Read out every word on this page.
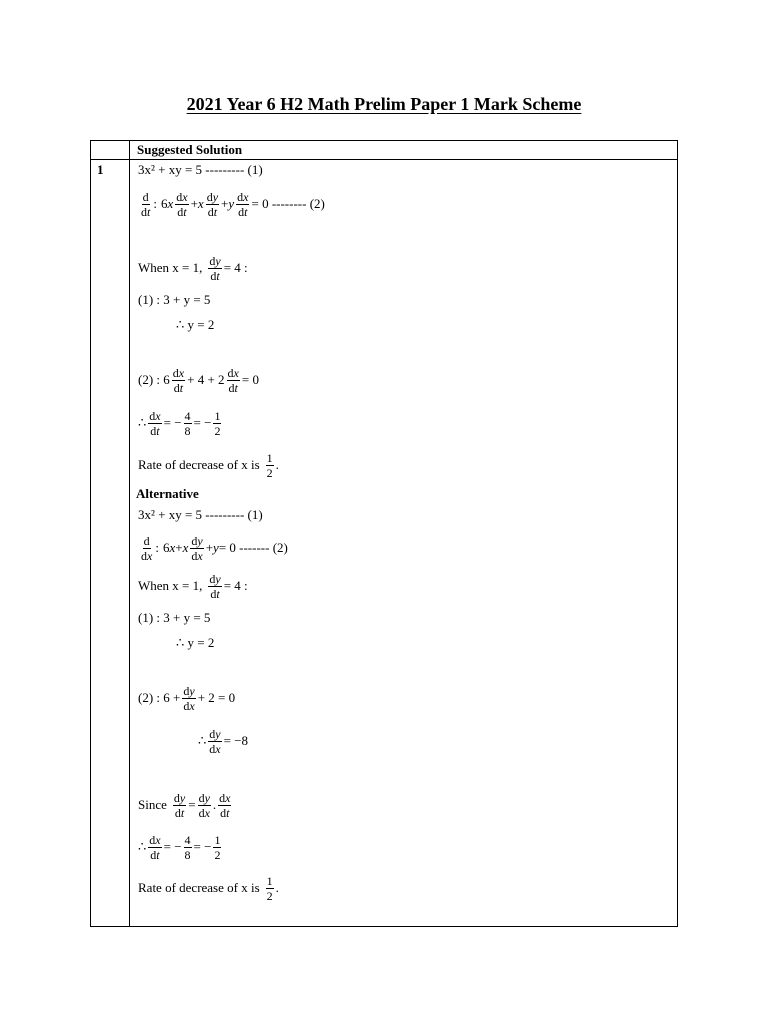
2021 Year 6 H2 Math Prelim Paper 1 Mark Scheme
Suggested Solution
1	3x² + xy = 5 --------- (1)
$\frac{d}{dt}$ : 6 x $\frac{dx}{dt} + x \frac{dy}{dt} + y \frac{dx}{dt} = 0$ -------- (2)
When x = 1, $\frac{dy}{dt} = 4$ :
(1) : 3 + y = 5
∴ y = 2
(2) : $6 \frac{dx}{dt} + 4 + 2 \frac{dx}{dt} = 0$
∴ $\frac{dx}{dt}$ = − $\frac{4}{8}$ = − $\frac{1}{2}$
Rate of decrease of x is $\frac{1}{2}$ .
Alternative
3x² + xy = 5 --------- (1)
$\frac{d}{dx}$ :
6 x + x $\frac{dy}{dx} + y = 0$ ------- (2)
When x = 1, $\frac{dy}{dt} = 4$ :
(1) : 3 + y = 5
∴ y = 2
(2) : $6 + \frac{dy}{dx} + 2 = 0$
∴ $\frac{dy}{dx} = -8$
Since $\frac{dy}{dt} = \frac{dy}{dx}$ . $\frac{dx}{dt}$
∴ $\frac{dx}{dt}$ = − $\frac{4}{8}$ = − $\frac{1}{2}$
Rate of decrease of x is $\frac{1}{2}$ .
